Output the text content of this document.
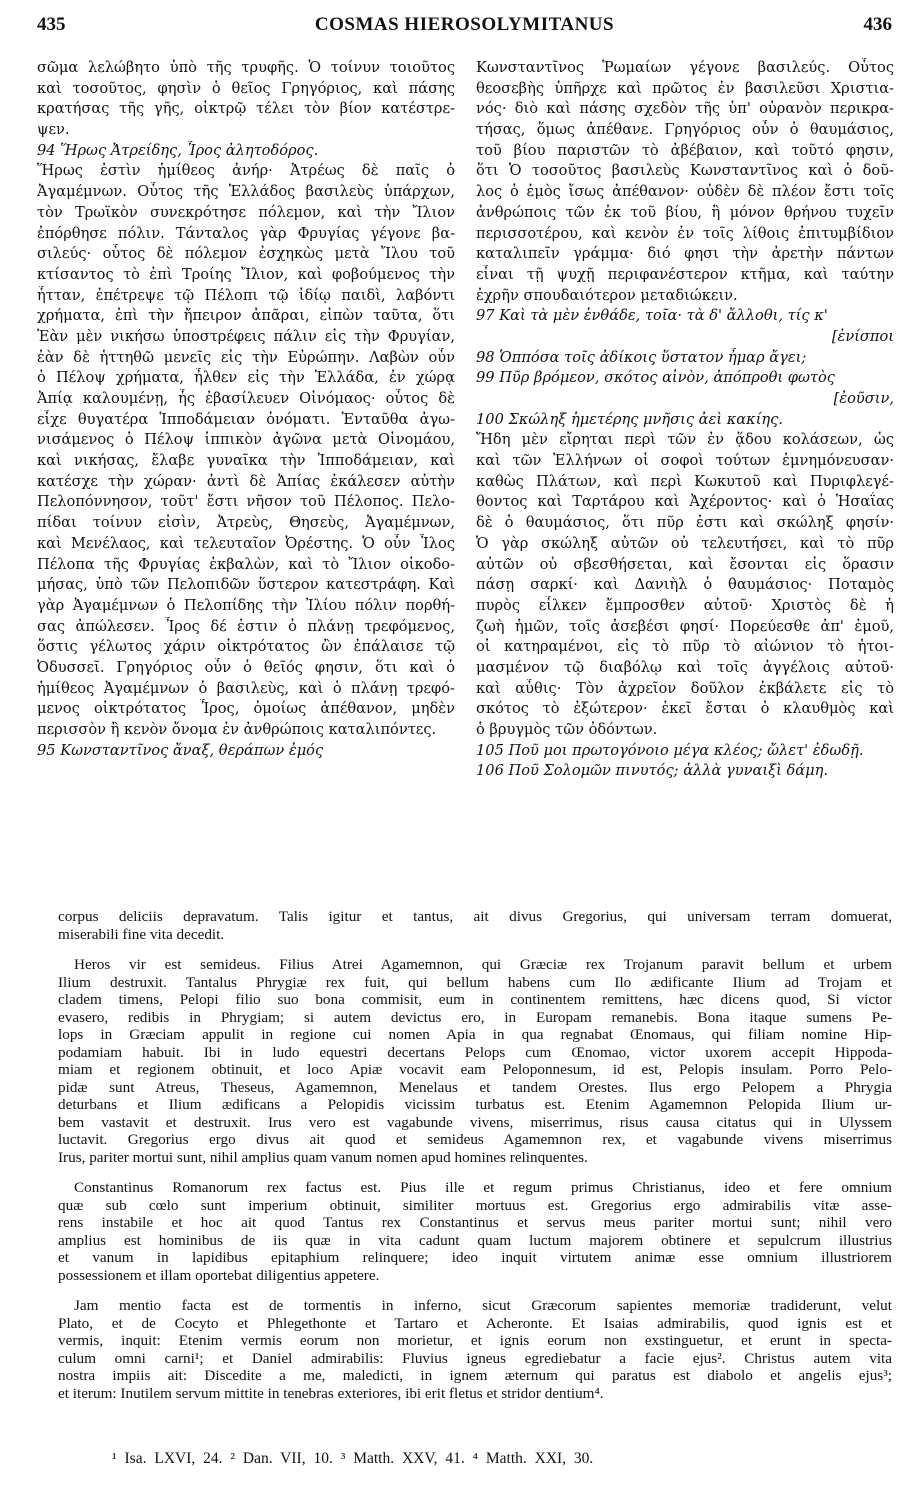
435	COSMAS HIEROSOLYMITANUS	436
σῶμα λελώβητο ὑπὸ τῆς τρυφῆς. Ὁ τοίνυν τοιοῦτος
καὶ τοσοῦτος, φησὶν ὁ θεῖος Γρηγόριος, καὶ πάσης
κρατήσας τῆς γῆς, οἰκτρῷ τέλει τὸν βίον κατέστρε-
ψεν.
94 Ἥρως Ἀτρείδης, Ἶρος ἀλητοδόρος.
Ἥρως ἐστὶν ἡμίθεος ἀνήρ· Ἀτρέως δὲ παῖς ὁ
Ἀγαμέμνων. Οὗτος τῆς Ἑλλάδος βασιλεὺς ὑπάρχων,
τὸν Τρωϊκὸν συνεκρότησε πόλεμον, καὶ τὴν Ἴλιον
ἐπόρθησε πόλιν. Τάνταλος γὰρ Φρυγίας γέγονε βα-
σιλεύς· οὗτος δὲ πόλεμον ἐσχηκὼς μετὰ Ἴλου τοῦ
κτίσαντος τὸ ἐπὶ Τροίης Ἴλιον, καὶ φοβούμενος τὴν
ἧτταν, ἐπέτρεψε τῷ Πέλοπι τῷ ἰδίῳ παιδὶ, λαβόντι
χρήματα, ἐπὶ τὴν ἤπειρον ἀπᾶραι, εἰπὼν ταῦτα, ὅτι
Ἐὰν μὲν νικήσω ὑποστρέφεις πάλιν εἰς τὴν Φρυγίαν,
ἐὰν δὲ ἡττηθῶ μενεῖς εἰς τὴν Εὐρώπην. Λαβὼν οὖν
ὁ Πέλοψ χρήματα, ἦλθεν εἰς τὴν Ἑλλάδα, ἐν χώρᾳ
Ἀπίᾳ καλουμένῃ, ἧς ἐβασίλευεν Οἰνόμαος· οὗτος δὲ
εἶχε θυγατέρα Ἱπποδάμειαν ὀνόματι. Ἐνταῦθα ἀγω-
νισάμενος ὁ Πέλοψ ἱππικὸν ἀγῶνα μετὰ Οἰνομάου,
καὶ νικήσας, ἔλαβε γυναῖκα τὴν Ἱπποδάμειαν, καὶ
κατέσχε τὴν χώραν· ἀντὶ δὲ Ἀπίας ἐκάλεσεν αὐτὴν
Πελοπόννησον, τοῦτ' ἔστι νῆσον τοῦ Πέλοπος. Πελο-
πίδαι τοίνυν εἰσὶν, Ἀτρεὺς, Θησεὺς, Ἀγαμέμνων,
καὶ Μενέλαος, καὶ τελευταῖον Ὀρέστης. Ὁ οὖν Ἶλος
Πέλοπα τῆς Φρυγίας ἐκβαλὼν, καὶ τὸ Ἴλιον οἰκοδο-
μήσας, ὑπὸ τῶν Πελοπιδῶν ὕστερον κατεστράφη. Καὶ
γὰρ Ἀγαμέμνων ὁ Πελοπίδης τὴν Ἰλίου πόλιν πορθή-
σας ἀπώλεσεν. Ἶρος δέ ἐστιν ὁ πλάνῃ τρεφόμενος,
ὅστις γέλωτος χάριν οἰκτρότατος ὢν ἐπάλαισε τῷ
Ὀδυσσεῖ. Γρηγόριος οὖν ὁ θεῖός φησιν, ὅτι καὶ ὁ
ἡμίθεος Ἀγαμέμνων ὁ βασιλεὺς, καὶ ὁ πλάνῃ τρεφό-
μενος οἰκτρότατος Ἶρος, ὁμοίως ἀπέθανον, μηδὲν
περισσὸν ἢ κενὸν ὄνομα ἐν ἀνθρώποις καταλιπόντες.
95 Κωνσταντῖνος ἄναξ, θεράπων ἐμός
Κωνσταντῖνος Ῥωμαίων γέγονε βασιλεύς. Οὗτος
θεοσεβὴς ὑπῆρχε καὶ πρῶτος ἐν βασιλεῦσι Χριστια-
νός· διὸ καὶ πάσης σχεδὸν τῆς ὑπ' οὐρανὸν περικρα-
τήσας, ὅμως ἀπέθανε. Γρηγόριος οὖν ὁ θαυμάσιος,
τοῦ βίου παριστῶν τὸ ἀβέβαιον, καὶ τοῦτό φησιν,
ὅτι Ὁ τοσοῦτος βασιλεὺς Κωνσταντῖνος καὶ ὁ δοῦ-
λος ὁ ἐμὸς ἴσως ἀπέθανον· οὐδὲν δὲ πλέον ἔστι τοῖς
ἀνθρώποις τῶν ἐκ τοῦ βίου, ἢ μόνον θρήνου τυχεῖν
περισσοτέρου, καὶ κενὸν ἐν τοῖς λίθοις ἐπιτυμβίδιον
καταλιπεῖν γράμμα· διό φησι τὴν ἀρετὴν πάντων
εἶναι τῇ ψυχῇ περιφανέστερον κτῆμα, καὶ ταύτην
ἐχρῆν σπουδαιότερον μεταδιώκειν.
97 Καὶ τὰ μὲν ἐνθάδε, τοῖα· τὰ δ' ἄλλοθι, τίς κ'
[ἐνίσποι
98 Ὁππόσα τοῖς ἀδίκοις ὕστατον ἦμαρ ἄγει;
99 Πῦρ βρόμεον, σκότος αἰνὸν, ἀπόπροθι φωτὸς
[ἐοῦσιν,
100 Σκώληξ ἡμετέρης μνῆσις ἀεὶ κακίης.
Ἤδη μὲν εἴρηται περὶ τῶν ἐν ᾅδου κολάσεων, ὡς
καὶ τῶν Ἑλλήνων οἱ σοφοὶ τούτων ἐμνημόνευσαν·
καθὼς Πλάτων, καὶ περὶ Κωκυτοῦ καὶ Πυριφλεγέ-
θοντος καὶ Ταρτάρου καὶ Ἀχέροντος· καὶ ὁ Ἡσαΐας
δὲ ὁ θαυμάσιος, ὅτι πῦρ ἐστι καὶ σκώληξ φησίν·
Ὁ γὰρ σκώληξ αὐτῶν οὐ τελευτήσει, καὶ τὸ πῦρ
αὐτῶν οὐ σβεσθήσεται, καὶ ἔσονται εἰς ὅρασιν
πάσῃ σαρκί· καὶ Δανιὴλ ὁ θαυμάσιος· Ποταμὸς
πυρὸς εἷλκεν ἔμπροσθεν αὐτοῦ· Χριστὸς δὲ ἡ
ζωὴ ἡμῶν, τοῖς ἀσεβέσι φησί· Πορεύεσθε ἀπ' ἐμοῦ,
οἱ κατηραμένοι, εἰς τὸ πῦρ τὸ αἰώνιον τὸ ἡτοι-
μασμένον τῷ διαβόλῳ καὶ τοῖς ἀγγέλοις αὐτοῦ·
καὶ αὖθις· Τὸν ἀχρεῖον δοῦλον ἐκβάλετε εἰς τὸ
σκότος τὸ ἐξώτερον· ἐκεῖ ἔσται ὁ κλαυθμὸς καὶ
ὁ βρυγμὸς τῶν ὀδόντων.
105 Ποῦ μοι πρωτογόνοιο μέγα κλέος; ὤλετ' ἐδωδῇ.
106 Ποῦ Σολομῶν πινυτός; ἀλλὰ γυναιξὶ δάμη.
corpus deliciis depravatum. Talis igitur et tantus, ait divus Gregorius, qui universam terram domuerat,
miserabili fine vita decedit.
Heros vir est semideus. Filius Atrei Agamemnon, qui Græciæ rex Trojanum paravit bellum et urbem
Ilium destruxit. Tantalus Phrygiæ rex fuit, qui bellum habens cum Ilo ædificante Ilium ad Trojam et
cladem timens, Pelopi filio suo bona commisit, eum in continentem remittens, hæc dicens quod, Si victor
evasero, redibis in Phrygiam; si autem devictus ero, in Europam remanebis. Bona itaque sumens Pe-
lops in Græciam appulit in regione cui nomen Apia in qua regnabat Œnomaus, qui filiam nomine Hip-
podamiam habuit. Ibi in ludo equestri decertans Pelops cum Œnomao, victor uxorem accepit Hippoda-
miam et regionem obtinuit, et loco Apiæ vocavit eam Peloponnesum, id est, Pelopis insulam. Porro Pelo-
pidæ sunt Atreus, Theseus, Agamemnon, Menelaus et tandem Orestes. Ilus ergo Pelopem a Phrygia
deturbans et Ilium ædificans a Pelopidis vicissim turbatus est. Etenim Agamemnon Pelopida Ilium ur-
bem vastavit et destruxit. Irus vero est vagabunde vivens, miserrimus, risus causa citatus qui in Ulyssem
luctavit. Gregorius ergo divus ait quod et semideus Agamemnon rex, et vagabunde vivens miserrimus
Irus, pariter mortui sunt, nihil amplius quam vanum nomen apud homines relinquentes.
Constantinus Romanorum rex factus est. Pius ille et regum primus Christianus, ideo et fere omnium
quæ sub cœlo sunt imperium obtinuit, similiter mortuus est. Gregorius ergo admirabilis vitæ asse-
rens instabile et hoc ait quod Tantus rex Constantinus et servus meus pariter mortui sunt; nihil vero
amplius est hominibus de iis quæ in vita cadunt quam luctum majorem obtinere et sepulcrum illustrius
et vanum in lapidibus epitaphium relinquere; ideo inquit virtutem animæ esse omnium illustriorem
possessionem et illam oportebat diligentius appetere.
Jam mentio facta est de tormentis in inferno, sicut Græcorum sapientes memoriæ tradiderunt, velut
Plato, et de Cocyto et Phlegethonte et Tartaro et Acheronte. Et Isaias admirabilis, quod ignis est et
vermis, inquit: Etenim vermis eorum non morietur, et ignis eorum non exstinguetur, et erunt in specta-
culum omni carni¹; et Daniel admirabilis: Fluvius igneus egrediebatur a facie ejus². Christus autem vita
nostra impiis ait: Discedite a me, maledicti, in ignem æternum qui paratus est diabolo et angelis ejus³;
et iterum: Inutilem servum mittite in tenebras exteriores, ibi erit fletus et stridor dentium⁴.
¹ Isa. LXVI, 24. ² Dan. VII, 10. ³ Matth. XXV, 41. ⁴ Matth. XXI, 30.
